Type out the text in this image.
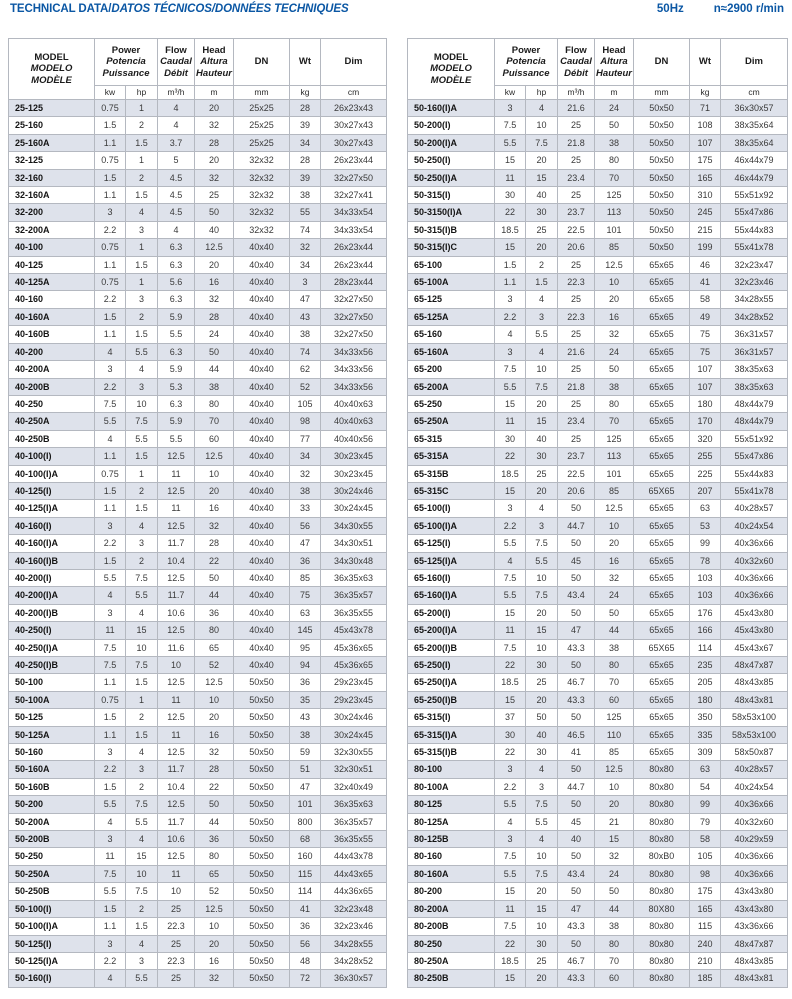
TECHNICAL DATA/DATOS TÉCNICOS/DONNÉES TECHNIQUES	50Hz	n≈2900 r/min
MODEL
MODELO
MODÈLE

Power
Potencia
Puissance

Flow
Caudal
Débit

Head
Altura
Hauteur

DN	Wt	Dim

	kw	hp	m³/h	m	mm	kg	cm
25-125	0.75	1	4	20	25x25	28	26x23x43
25-160	1.5	2	4	32	25x25	39	30x27x43
25-160A	1.1	1.5	3.7	28	25x25	34	30x27x43
32-125	0.75	1	5	20	32x32	28	26x23x44
32-160	1.5	2	4.5	32	32x32	39	32x27x50
32-160A	1.1	1.5	4.5	25	32x32	38	32x27x41
32-200	3	4	4.5	50	32x32	55	34x33x54
32-200A	2.2	3	4	40	32x32	74	34x33x54
40-100	0.75	1	6.3	12.5	40x40	32	26x23x44
40-125	1.1	1.5	6.3	20	40x40	34	26x23x44
40-125A	0.75	1	5.6	16	40x40	3	28x23x44
40-160	2.2	3	6.3	32	40x40	47	32x27x50
40-160A	1.5	2	5.9	28	40x40	43	32x27x50
40-160B	1.1	1.5	5.5	24	40x40	38	32x27x50
40-200	4	5.5	6.3	50	40x40	74	34x33x56
40-200A	3	4	5.9	44	40x40	62	34x33x56
40-200B	2.2	3	5.3	38	40x40	52	34x33x56
40-250	7.5	10	6.3	80	40x40	105	40x40x63
40-250A	5.5	7.5	5.9	70	40x40	98	40x40x63
40-250B	4	5.5	5.5	60	40x40	77	40x40x56
40-100(I)	1.1	1.5	12.5	12.5	40x40	34	30x23x45
40-100(I)A	0.75	1	11	10	40x40	32	30x23x45
40-125(I)	1.5	2	12.5	20	40x40	38	30x24x46
40-125(I)A	1.1	1.5	11	16	40x40	33	30x24x45
40-160(I)	3	4	12.5	32	40x40	56	34x30x55
40-160(I)A	2.2	3	11.7	28	40x40	47	34x30x51
40-160(I)B	1.5	2	10.4	22	40x40	36	34x30x48
40-200(I)	5.5	7.5	12.5	50	40x40	85	36x35x63
40-200(I)A	4	5.5	11.7	44	40x40	75	36x35x57
40-200(I)B	3	4	10.6	36	40x40	63	36x35x55
40-250(I)	11	15	12.5	80	40x40	145	45x43x78
40-250(I)A	7.5	10	11.6	65	40x40	95	45x36x65
40-250(I)B	7.5	7.5	10	52	40x40	94	45x36x65
50-100	1.1	1.5	12.5	12.5	50x50	36	29x23x45
50-100A	0.75	1	11	10	50x50	35	29x23x45
50-125	1.5	2	12.5	20	50x50	43	30x24x46
50-125A	1.1	1.5	11	16	50x50	38	30x24x45
50-160	3	4	12.5	32	50x50	59	32x30x55
50-160A	2.2	3	11.7	28	50x50	51	32x30x51
50-160B	1.5	2	10.4	22	50x50	47	32x40x49
50-200	5.5	7.5	12.5	50	50x50	101	36x35x63
50-200A	4	5.5	11.7	44	50x50	800	36x35x57
50-200B	3	4	10.6	36	50x50	68	36x35x55
50-250	11	15	12.5	80	50x50	160	44x43x78
50-250A	7.5	10	11	65	50x50	115	44x43x65
50-250B	5.5	7.5	10	52	50x50	114	44x36x65
50-100(I)	1.5	2	25	12.5	50x50	41	32x23x48
50-100(I)A	1.1	1.5	22.3	10	50x50	36	32x23x46
50-125(I)	3	4	25	20	50x50	56	34x28x55
50-125(I)A	2.2	3	22.3	16	50x50	48	34x28x52
50-160(I)	4	5.5	25	32	50x50	72	36x30x57
MODEL
MODELO
MODÈLE

Power
Potencia
Puissance

Flow
Caudal
Débit

Head
Altura
Hauteur

DN	Wt	Dim

	kw	hp	m³/h	m	mm	kg	cm
50-160(I)A	3	4	21.6	24	50x50	71	36x30x57
50-200(I)	7.5	10	25	50	50x50	108	38x35x64
50-200(I)A	5.5	7.5	21.8	38	50x50	107	38x35x64
50-250(I)	15	20	25	80	50x50	175	46x44x79
50-250(I)A	11	15	23.4	70	50x50	165	46x44x79
50-315(I)	30	40	25	125	50x50	310	55x51x92
50-3150(I)A	22	30	23.7	113	50x50	245	55x47x86
50-315(I)B	18.5	25	22.5	101	50x50	215	55x44x83
50-315(I)C	15	20	20.6	85	50x50	199	55x41x78
65-100	1.5	2	25	12.5	65x65	46	32x23x47
65-100A	1.1	1.5	22.3	10	65x65	41	32x23x46
65-125	3	4	25	20	65x65	58	34x28x55
65-125A	2.2	3	22.3	16	65x65	49	34x28x52
65-160	4	5.5	25	32	65x65	75	36x31x57
65-160A	3	4	21.6	24	65x65	75	36x31x57
65-200	7.5	10	25	50	65x65	107	38x35x63
65-200A	5.5	7.5	21.8	38	65x65	107	38x35x63
65-250	15	20	25	80	65x65	180	48x44x79
65-250A	11	15	23.4	70	65x65	170	48x44x79
65-315	30	40	25	125	65x65	320	55x51x92
65-315A	22	30	23.7	113	65x65	255	55x47x86
65-315B	18.5	25	22.5	101	65x65	225	55x44x83
65-315C	15	20	20.6	85	65X65	207	55x41x78
65-100(I)	3	4	50	12.5	65x65	63	40x28x57
65-100(I)A	2.2	3	44.7	10	65x65	53	40x24x54
65-125(I)	5.5	7.5	50	20	65x65	99	40x36x66
65-125(I)A	4	5.5	45	16	65x65	78	40x32x60
65-160(I)	7.5	10	50	32	65x65	103	40x36x66
65-160(I)A	5.5	7.5	43.4	24	65x65	103	40x36x66
65-200(I)	15	20	50	50	65x65	176	45x43x80
65-200(I)A	11	15	47	44	65x65	166	45x43x80
65-200(I)B	7.5	10	43.3	38	65X65	114	45x43x67
65-250(I)	22	30	50	80	65x65	235	48x47x87
65-250(I)A	18.5	25	46.7	70	65x65	205	48x43x85
65-250(I)B	15	20	43.3	60	65x65	180	48x43x81
65-315(I)	37	50	50	125	65x65	350	58x53x100
65-315(I)A	30	40	46.5	110	65x65	335	58x53x100
65-315(I)B	22	30	41	85	65x65	309	58x50x87
80-100	3	4	50	12.5	80x80	63	40x28x57
80-100A	2.2	3	44.7	10	80x80	54	40x24x54
80-125	5.5	7.5	50	20	80x80	99	40x36x66
80-125A	4	5.5	45	21	80x80	79	40x32x60
80-125B	3	4	40	15	80x80	58	40x29x59
80-160	7.5	10	50	32	80xB0	105	40x36x66
80-160A	5.5	7.5	43.4	24	80x80	98	40x36x66
80-200	15	20	50	50	80x80	175	43x43x80
80-200A	11	15	47	44	80X80	165	43x43x80
80-200B	7.5	10	43.3	38	80x80	115	43x36x66
80-250	22	30	50	80	80x80	240	48x47x87
80-250A	18.5	25	46.7	70	80x80	210	48x43x85
80-250B	15	20	43.3	60	80x80	185	48x43x81
